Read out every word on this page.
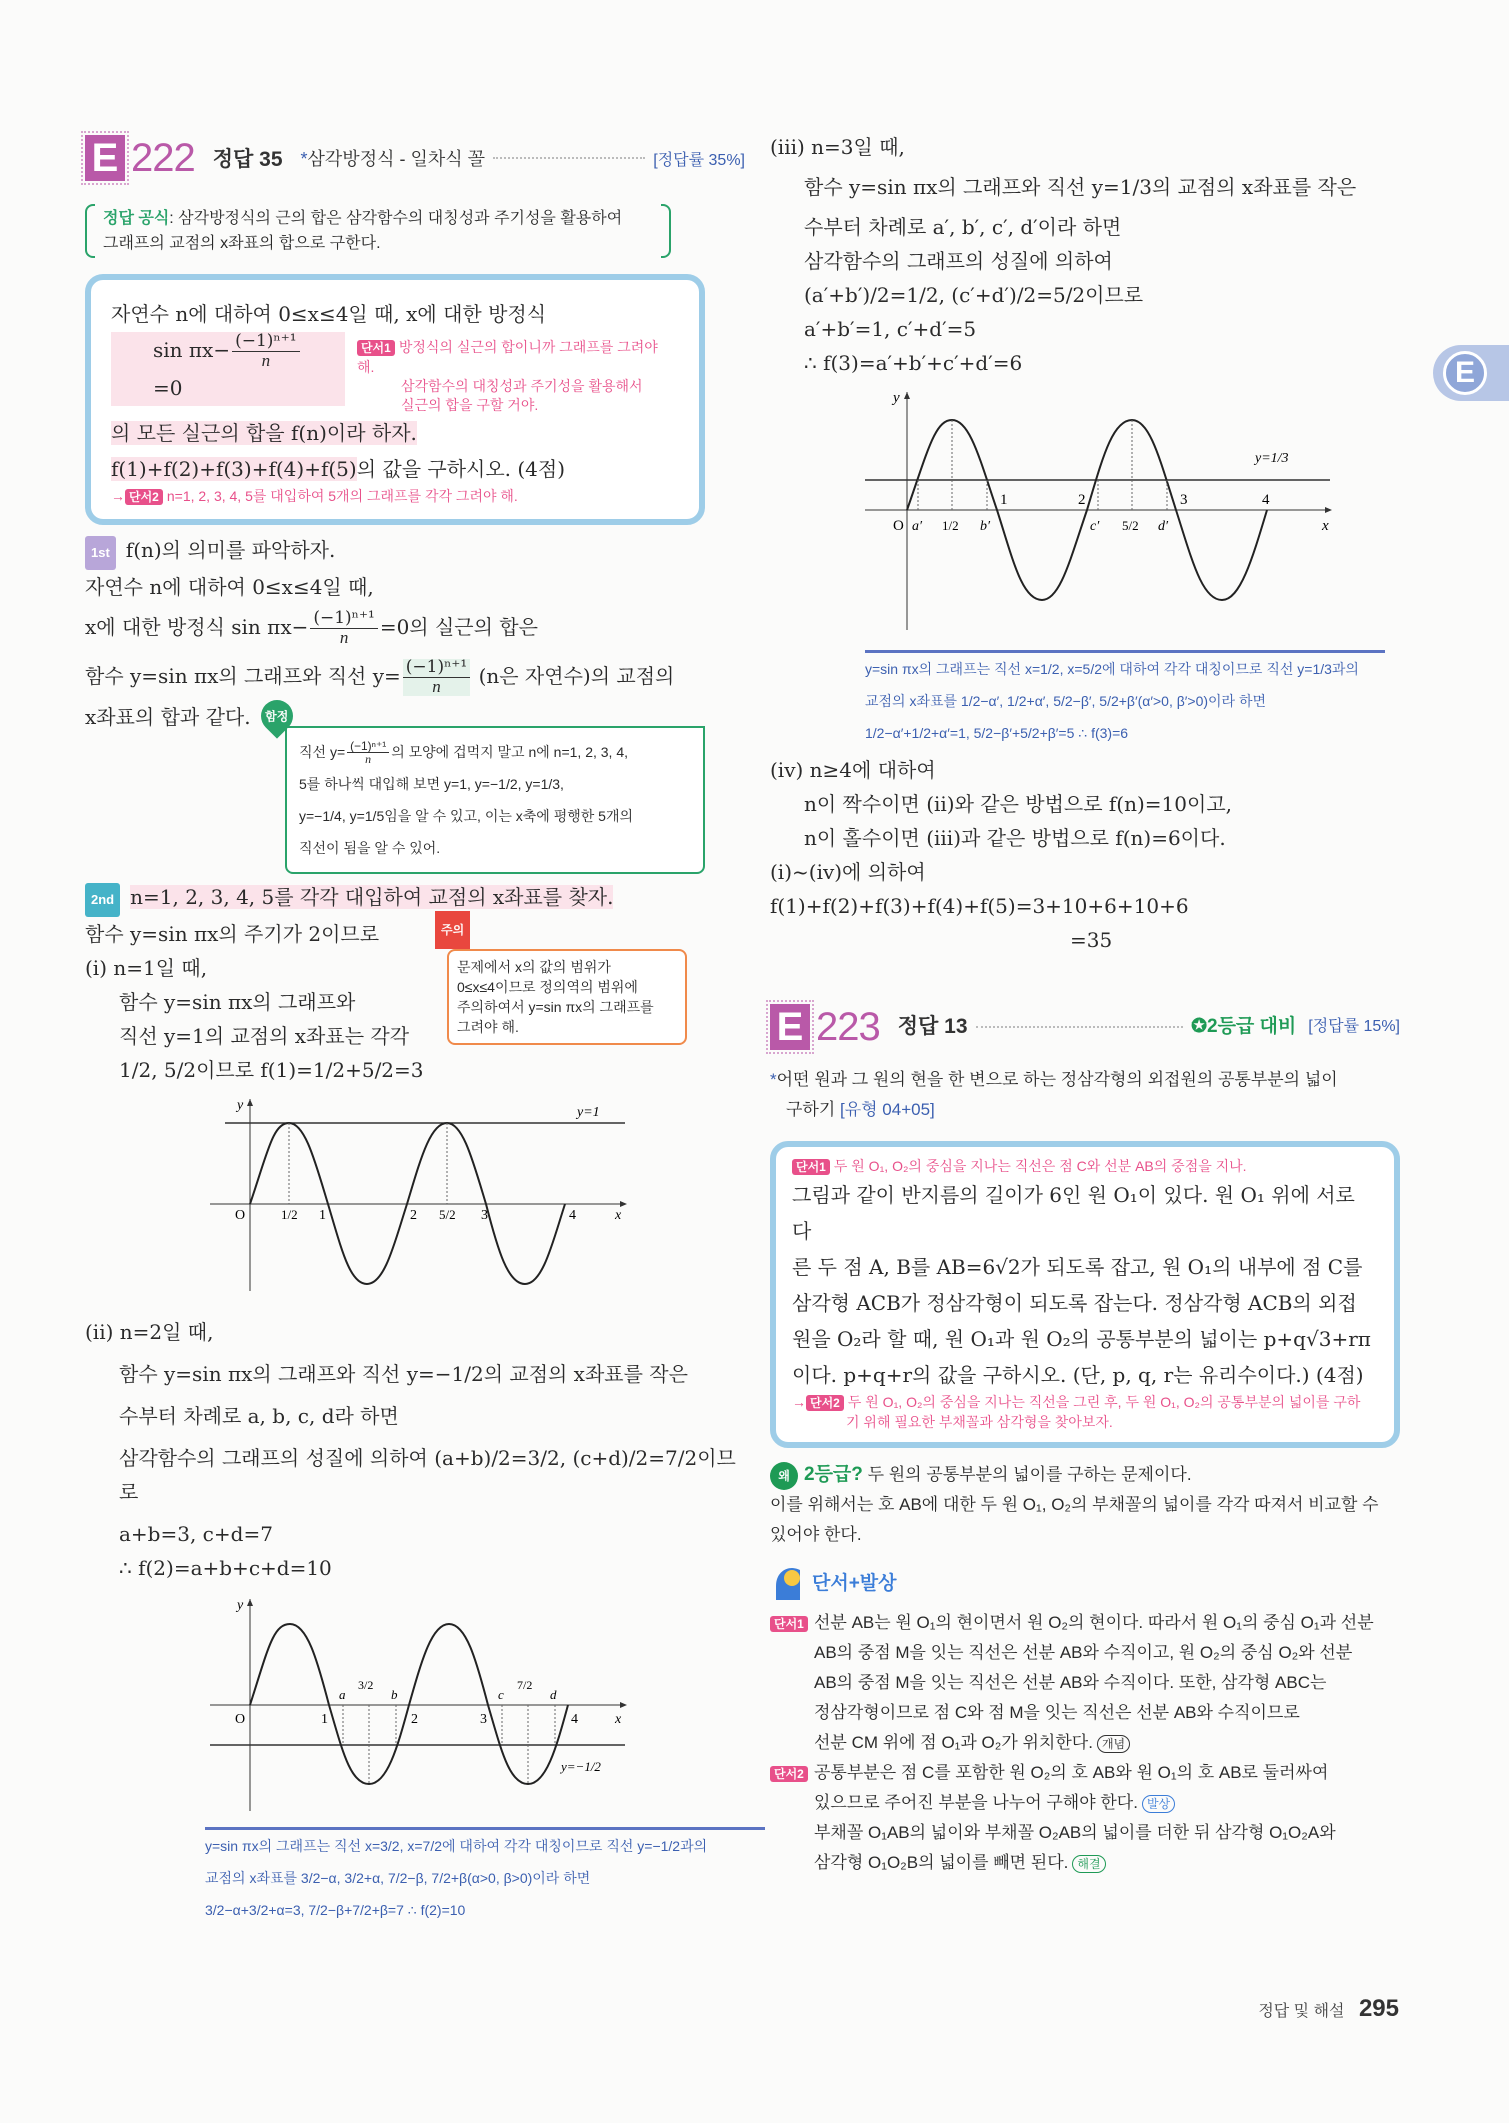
E
E 222 정답 35 *삼각방정식 - 일차식 꼴	[정답률 35%]
정답 공식: 삼각방정식의 근의 합은 삼각함수의 대칭성과 주기성을 활용하여
그래프의 교점의 x좌표의 합으로 구한다.
자연수 n에 대하여 0≤x≤4일 때, x에 대한 방정식
$\sin \pi x- \frac{\text{(−1)ⁿ⁺¹}}{n}$
=0
단서1 방정식의 실근의 합이니까 그래프를 그려야 해.
삼각함수의 대칭성과 주기성을 활용해서
실근의 합을 구할 거야.
의 모든 실근의 합을 f(n)이라 하자.
f(1)+f(2)+f(3)+f(4)+f(5)의 값을 구하시오. (4점)
→ 단서2 n=1, 2, 3, 4, 5를 대입하여 5개의 그래프를 각각 그려야 해.
1st f(n)의 의미를 파악하자.
자연수 n에 대하여 0≤x≤4일 때,
x에 대한 방정식 $\sin \pi x- \frac{\text{(−1)ⁿ⁺¹}}{n} =0$의 실근의 합은
함수 y=sin πx의 그래프와 직선 $y= \frac{\text{(−1)ⁿ⁺¹}}{n} (n$은 자연수)의 교점의
x좌표의 합과 같다. 함정
직선 $y= \frac{\text{(−1)ⁿ⁺¹}}{n}$ 의 모양에 겁먹지 말고 n에 n=1, 2, 3, 4,
5를 하나씩 대입해 보면 y=1, y=−1/2, y=1/3,
y=−1/4, y=1/5임을 알 수 있고, 이는 x축에 평행한 5개의
직선이 됨을 알 수 있어.
2nd n=1, 2, 3, 4, 5를 각각 대입하여 교점의 x좌표를 찾자.
함수 y=sin πx의 주기가 2이므로
(i) n=1일 때,
함수 y=sin πx의 그래프와
직선 y=1의 교점의 x좌표는 각각
1/2, 5/2이므로 f(1)=1/2+5/2=3
주의
문제에서 x의 값의 범위가
0≤x≤4이므로 정의역의 범위에
주의하여서 y=sin πx의 그래프를
그려야 해.
O	1/2 1	2 5/2 3	4	x
y	y=1
(ii) n=2일 때,
함수 y=sin πx의 그래프와 직선 y=−1/2의 교점의 x좌표를 작은
수부터 차례로 a, b, c, d라 하면
삼각함수의 그래프의 성질에 의하여 (a+b)/2=3/2, (c+d)/2=7/2이므로
a+b=3, c+d=7
∴ f(2)=a+b+c+d=10
O	1
a
3/2
b
2	3
c
7/2
d
4	x
y
y=−1/2
y=sin πx의 그래프는 직선 x=3/2, x=7/2에 대하여 각각 대칭이므로 직선 y=−1/2과의
교점의 x좌표를 3/2−α, 3/2+α, 7/2−β, 7/2+β(α>0, β>0)이라 하면
3/2−α+3/2+α=3, 7/2−β+7/2+β=7 ∴ f(2)=10
(iii) n=3일 때,
함수 y=sin πx의 그래프와 직선 y=1/3의 교점의 x좌표를 작은
수부터 차례로 a′, b′, c′, d′이라 하면
삼각함수의 그래프의 성질에 의하여
(a′+b′)/2=1/2, (c′+d′)/2=5/2이므로
a′+b′=1, c′+d′=5
∴ f(3)=a′+b′+c′+d′=6
O a′ 1/2 b′
1	2
c′ 5/2 d′
3	4
x
y
y=1/3
y=sin πx의 그래프는 직선 x=1/2, x=5/2에 대하여 각각 대칭이므로 직선 y=1/3과의
교점의 x좌표를 1/2−α′, 1/2+α′, 5/2−β′, 5/2+β′(α′>0, β′>0)이라 하면
1/2−α′+1/2+α′=1, 5/2−β′+5/2+β′=5 ∴ f(3)=6
(iv) n≥4에 대하여
n이 짝수이면 (ii)와 같은 방법으로 f(n)=10이고,
n이 홀수이면 (iii)과 같은 방법으로 f(n)=6이다.
(i)~(iv)에 의하여
f(1)+f(2)+f(3)+f(4)+f(5)=3+10+6+10+6
=35
E 223 정답 13	✪2등급 대비 [정답률 15%]
*어떤 원과 그 원의 현을 한 변으로 하는 정삼각형의 외접원의 공통부분의 넓이
구하기 [유형 04+05]
단서1 두 원 O₁, O₂의 중심을 지나는 직선은 점 C와 선분 AB의 중점을 지나.
그림과 같이 반지름의 길이가 6인 원 O₁이 있다. 원 O₁ 위에 서로 다
른 두 점 A, B를 AB=6√2가 되도록 잡고, 원 O₁의 내부에 점 C를
삼각형 ACB가 정삼각형이 되도록 잡는다. 정삼각형 ACB의 외접
원을 O₂라 할 때, 원 O₁과 원 O₂의 공통부분의 넓이는 p+q√3+rπ
이다. p+q+r의 값을 구하시오. (단, p, q, r는 유리수이다.) (4점)
→ 단서2 두 원 O₁, O₂의 중심을 지나는 직선을 그린 후, 두 원 O₁, O₂의 공통부분의 넓이를 구하
기 위해 필요한 부채꼴과 삼각형을 찾아보자.
왜 2등급? 두 원의 공통부분의 넓이를 구하는 문제이다.
이를 위해서는 호 AB에 대한 두 원 O₁, O₂의 부채꼴의 넓이를 각각 따져서 비교할 수
있어야 한다.
단서+발상
단서1 선분 AB는 원 O₁의 현이면서 원 O₂의 현이다. 따라서 원 O₁의 중심 O₁과 선분
AB의 중점 M을 잇는 직선은 선분 AB와 수직이고, 원 O₂의 중심 O₂와 선분
AB의 중점 M을 잇는 직선은 선분 AB와 수직이다. 또한, 삼각형 ABC는
정삼각형이므로 점 C와 점 M을 잇는 직선은 선분 AB와 수직이므로
선분 CM 위에 점 O₁과 O₂가 위치한다. 개념
단서2 공통부분은 점 C를 포함한 원 O₂의 호 AB와 원 O₁의 호 AB로 둘러싸여
있으므로 주어진 부분을 나누어 구해야 한다. 발상
부채꼴 O₁AB의 넓이와 부채꼴 O₂AB의 넓이를 더한 뒤 삼각형 O₁O₂A와
삼각형 O₁O₂B의 넓이를 빼면 된다. 해결
정답 및 해설 295
